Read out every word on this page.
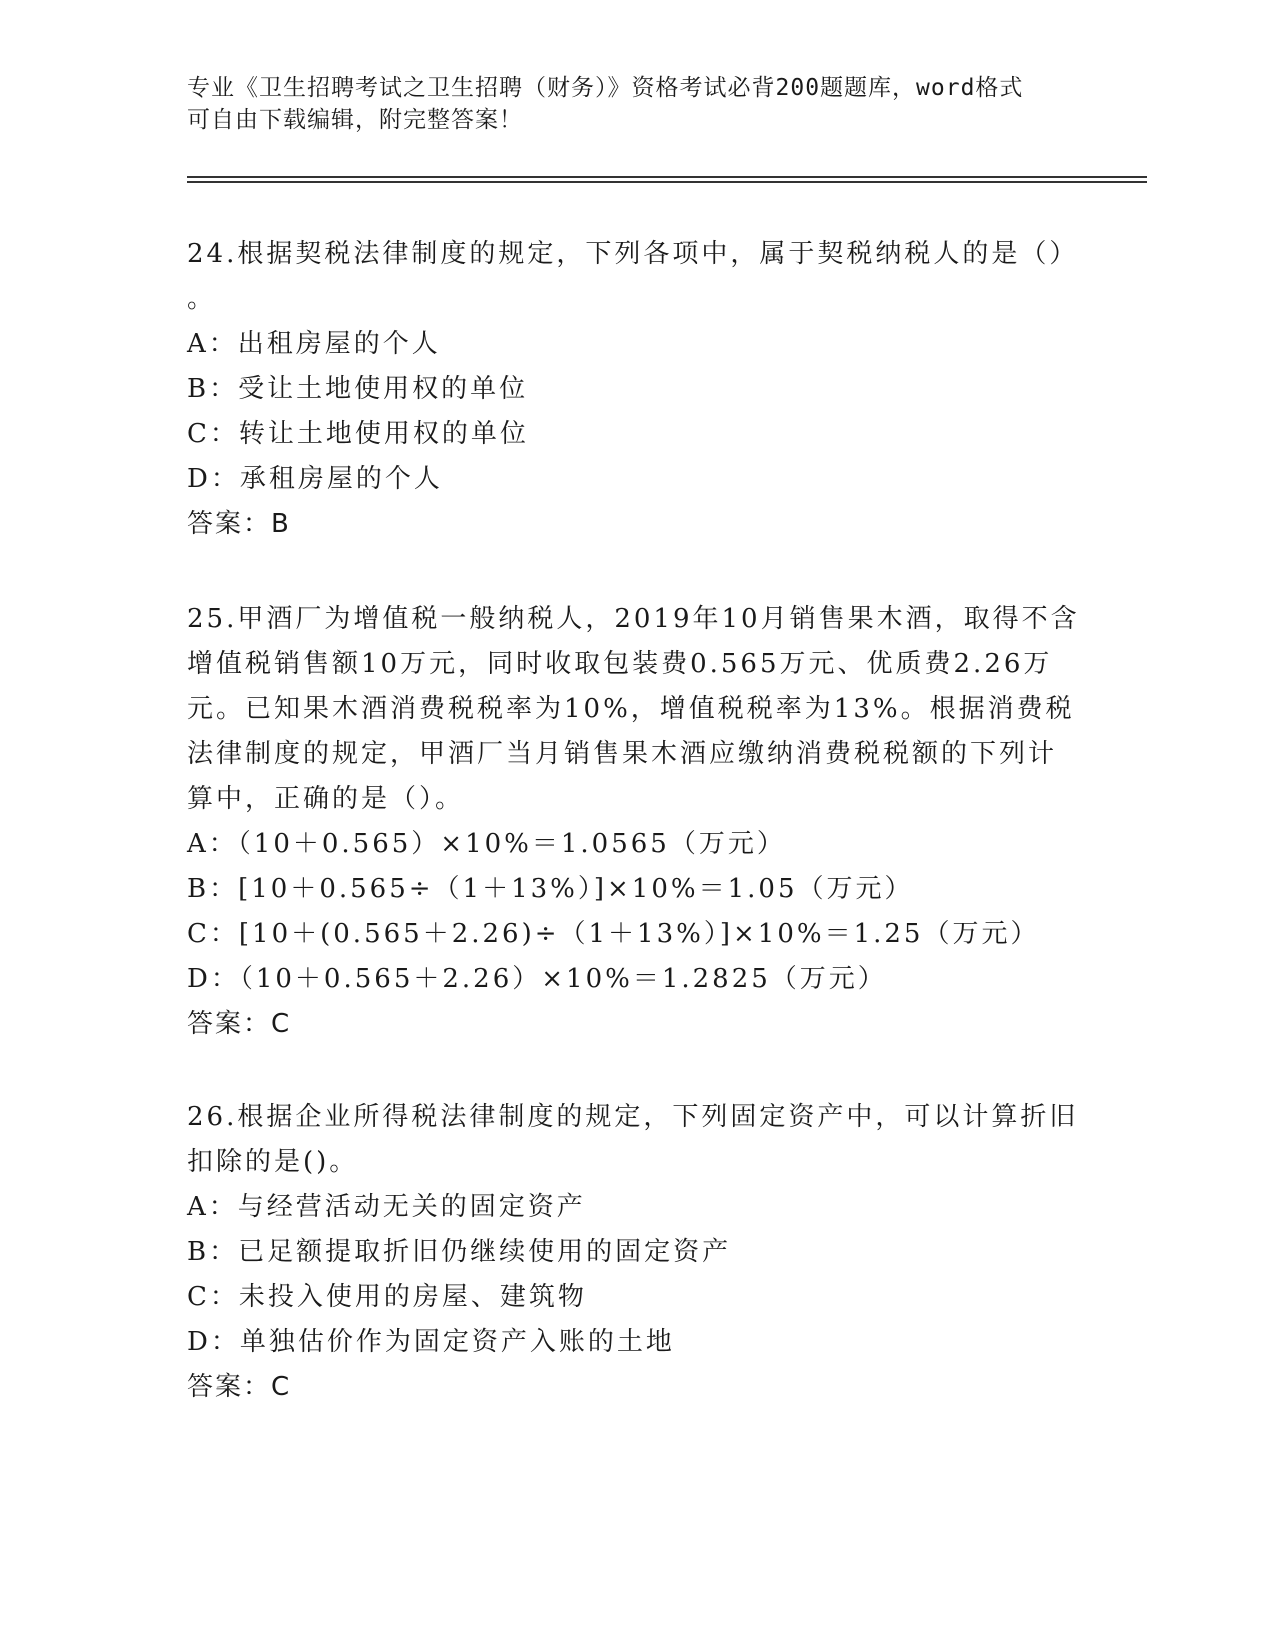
专业《卫生招聘考试之卫生招聘（财务）》资格考试必背200题题库，word格式
可自由下载编辑，附完整答案！
24.根据契税法律制度的规定，下列各项中，属于契税纳税人的是（）
。
A：出租房屋的个人
B：受让土地使用权的单位
C：转让土地使用权的单位
D：承租房屋的个人
答案：B
25.甲酒厂为增值税一般纳税人，2019年10月销售果木酒，取得不含
增值税销售额10万元，同时收取包装费0.565万元、优质费2.26万
元。已知果木酒消费税税率为10%，增值税税率为13%。根据消费税
法律制度的规定，甲酒厂当月销售果木酒应缴纳消费税税额的下列计
算中，正确的是（）。
A：（10＋0.565）×10%＝1.0565（万元）
B：[10＋0.565÷（1＋13%）]×10%＝1.05（万元）
C：[10＋(0.565＋2.26)÷（1＋13%）]×10%＝1.25（万元）
D：（10＋0.565＋2.26）×10%＝1.2825（万元）
答案：C
26.根据企业所得税法律制度的规定，下列固定资产中，可以计算折旧
扣除的是()。
A：与经营活动无关的固定资产
B：已足额提取折旧仍继续使用的固定资产
C：未投入使用的房屋、建筑物
D：单独估价作为固定资产入账的土地
答案：C
